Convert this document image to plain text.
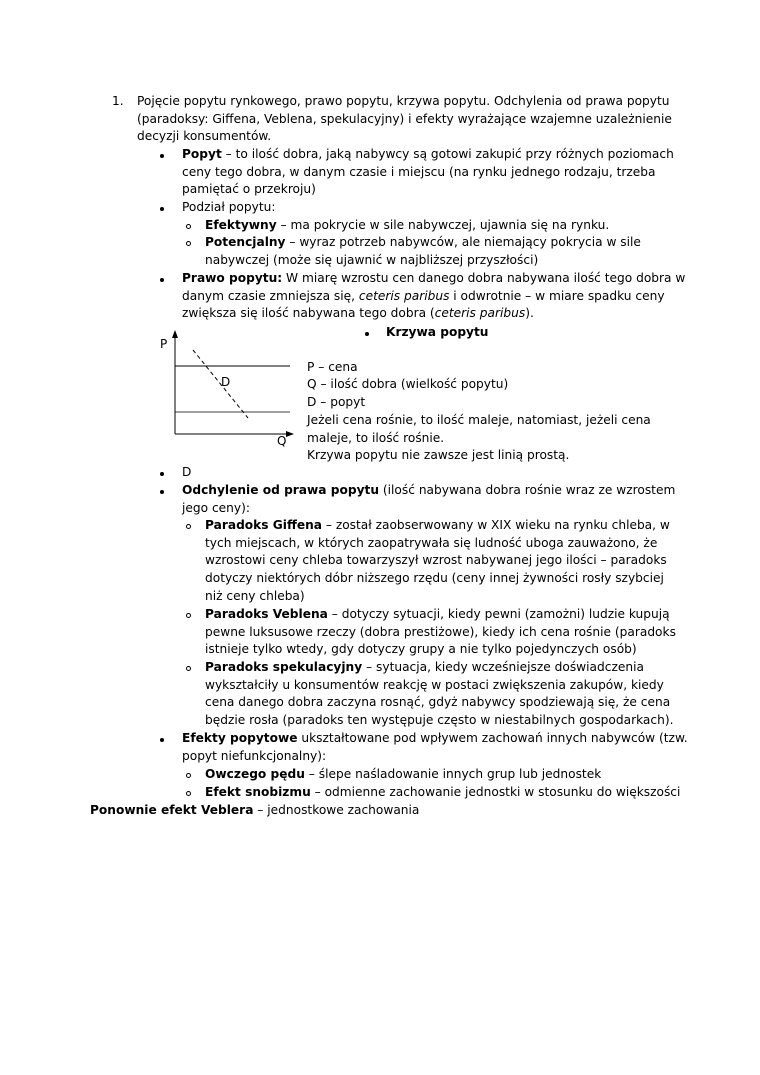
1. Pojęcie popytu rynkowego, prawo popytu, krzywa popytu. Odchylenia od prawa popytu
(paradoksy: Giffena, Veblena, spekulacyjny) i efekty wyrażające wzajemne uzależnienie
decyzji konsumentów.
Popyt – to ilość dobra, jaką nabywcy są gotowi zakupić przy różnych poziomach
ceny tego dobra, w danym czasie i miejscu (na rynku jednego rodzaju, trzeba
pamiętać o przekroju)
Podział popytu:
Efektywny – ma pokrycie w sile nabywczej, ujawnia się na rynku.
Potencjalny – wyraz potrzeb nabywców, ale niemający pokrycia w sile
nabywczej (może się ujawnić w najbliższej przyszłości)
Prawo popytu: W miarę wzrostu cen danego dobra nabywana ilość tego dobra w
danym czasie zmniejsza się, ceteris paribus i odwrotnie – w miare spadku ceny
zwiększa się ilość nabywana tego dobra (ceteris paribus).
Krzywa popytu
P
Q
D
P – cena
Q – ilość dobra (wielkość popytu)
D – popyt
Jeżeli cena rośnie, to ilość maleje, natomiast, jeżeli cena
maleje, to ilość rośnie.
Krzywa popytu nie zawsze jest linią prostą.
D
Odchylenie od prawa popytu (ilość nabywana dobra rośnie wraz ze wzrostem
jego ceny):
Paradoks Giffena – został zaobserwowany w XIX wieku na rynku chleba, w
tych miejscach, w których zaopatrywała się ludność uboga zauważono, że
wzrostowi ceny chleba towarzyszył wzrost nabywanej jego ilości – paradoks
dotyczy niektórych dóbr niższego rzędu (ceny innej żywności rosły szybciej
niż ceny chleba)
Paradoks Veblena – dotyczy sytuacji, kiedy pewni (zamożni) ludzie kupują
pewne luksusowe rzeczy (dobra prestiżowe), kiedy ich cena rośnie (paradoks
istnieje tylko wtedy, gdy dotyczy grupy a nie tylko pojedynczych osób)
Paradoks spekulacyjny – sytuacja, kiedy wcześniejsze doświadczenia
wykształciły u konsumentów reakcję w postaci zwiększenia zakupów, kiedy
cena danego dobra zaczyna rosnąć, gdyż nabywcy spodziewają się, że cena
będzie rosła (paradoks ten występuje często w niestabilnych gospodarkach).
Efekty popytowe ukształtowane pod wpływem zachowań innych nabywców (tzw.
popyt niefunkcjonalny):
Owczego pędu – ślepe naśladowanie innych grup lub jednostek
Efekt snobizmu – odmienne zachowanie jednostki w stosunku do większości
Ponownie efekt Veblera – jednostkowe zachowania
